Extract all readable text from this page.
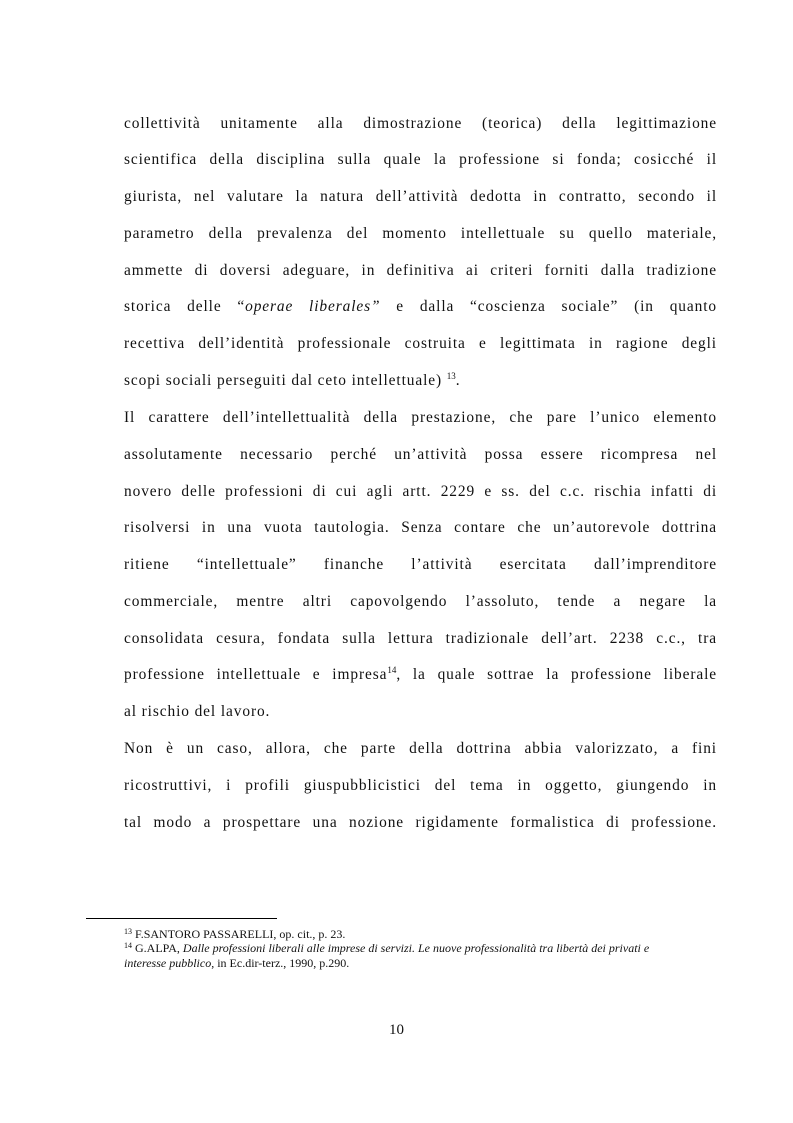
collettività unitamente alla dimostrazione (teorica) della legittimazione
scientifica della disciplina sulla quale la professione si fonda; cosicché il
giurista, nel valutare la natura dell’attività dedotta in contratto, secondo il
parametro della prevalenza del momento intellettuale su quello materiale,
ammette di doversi adeguare, in definitiva ai criteri forniti dalla tradizione
storica delle “operae liberales” e dalla “coscienza sociale” (in quanto
recettiva dell’identità professionale costruita e legittimata in ragione degli
scopi sociali perseguiti dal ceto intellettuale) $^{13}$.
Il carattere dell’intellettualità della prestazione, che pare l’unico elemento
assolutamente necessario perché un’attività possa essere ricompresa nel
novero delle professioni di cui agli artt. 2229 e ss. del c.c. rischia infatti di
risolversi in una vuota tautologia. Senza contare che un’autorevole dottrina
ritiene “intellettuale” finanche l’attività esercitata dall’imprenditore
commerciale, mentre altri capovolgendo l’assoluto, tende a negare la
consolidata cesura, fondata sulla lettura tradizionale dell’art. 2238 c.c., tra
professione intellettuale e impresa$^{14}$, la quale sottrae la professione liberale
al rischio del lavoro.
Non è un caso, allora, che parte della dottrina abbia valorizzato, a fini
ricostruttivi, i profili giuspubblicistici del tema in oggetto, giungendo in
tal modo a prospettare una nozione rigidamente formalistica di professione.
$^{13}$ F.SANTORO PASSARELLI, op. cit., p. 23.
$^{14}$ G.ALPA, Dalle professioni liberali alle imprese di servizi. Le nuove professionalità tra libertà dei privati e
interesse pubblico, in Ec.dir-terz., 1990, p.290.
10
